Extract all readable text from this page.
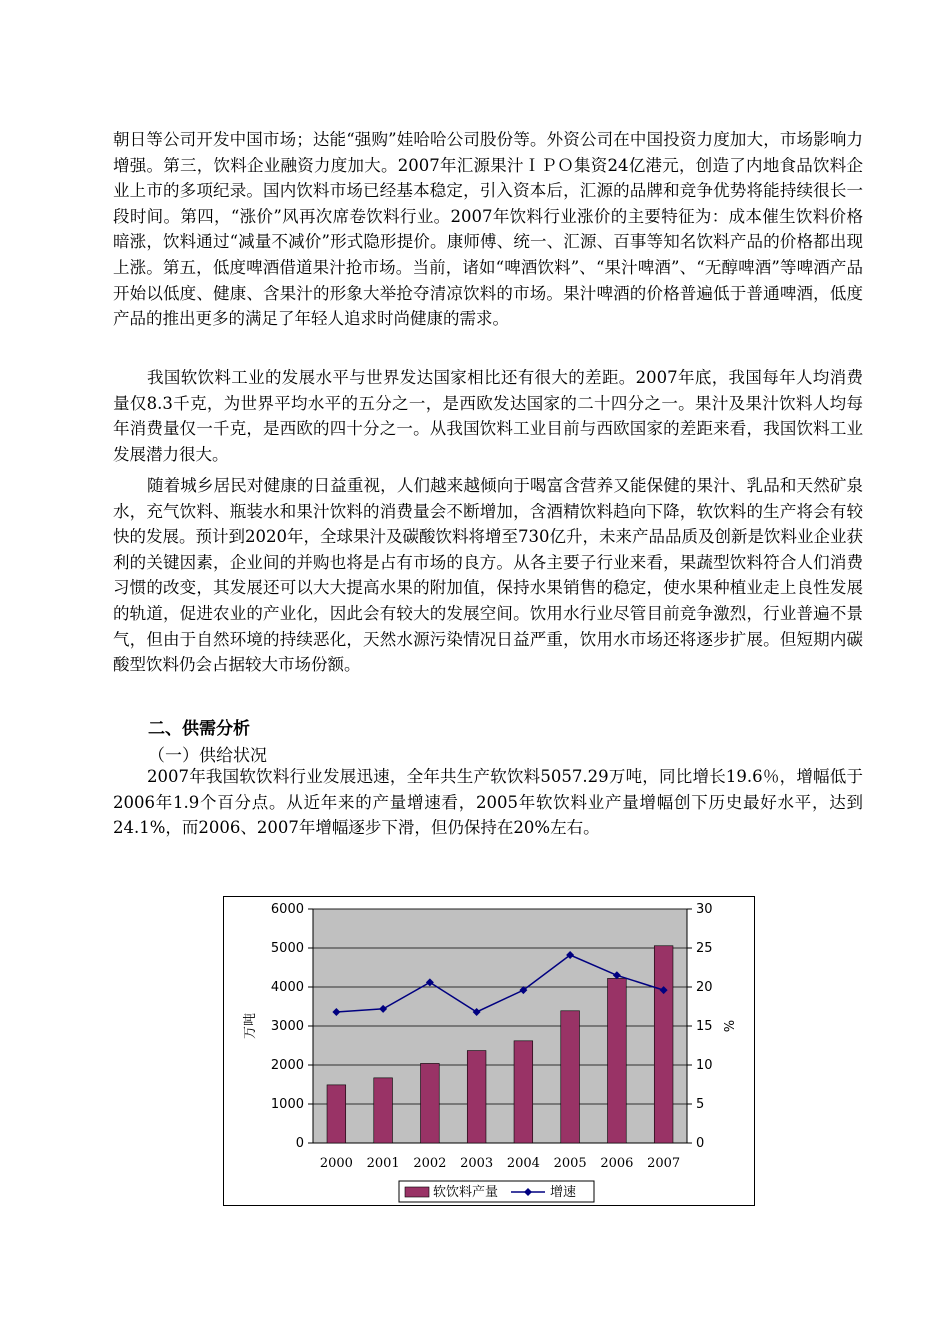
朝日等公司开发中国市场；达能“强购”娃哈哈公司股份等。外资公司在中国投资力度加大，市场影响力增强。第三，饮料企业融资力度加大。2007年汇源果汁ＩＰＯ集资24亿港元，创造了内地食品饮料企业上市的多项纪录。国内饮料市场已经基本稳定，引入资本后，汇源的品牌和竞争优势将能持续很长一段时间。第四，“涨价”风再次席卷饮料行业。2007年饮料行业涨价的主要特征为：成本催生饮料价格暗涨，饮料通过“减量不减价”形式隐形提价。康师傅、统一、汇源、百事等知名饮料产品的价格都出现上涨。第五，低度啤酒借道果汁抢市场。当前，诸如“啤酒饮料”、“果汁啤酒”、“无醇啤酒”等啤酒产品开始以低度、健康、含果汁的形象大举抢夺清凉饮料的市场。果汁啤酒的价格普遍低于普通啤酒，低度产品的推出更多的满足了年轻人追求时尚健康的需求。

我国软饮料工业的发展水平与世界发达国家相比还有很大的差距。2007年底，我国每年人均消费量仅8.3千克，为世界平均水平的五分之一，是西欧发达国家的二十四分之一。果汁及果汁饮料人均每年消费量仅一千克，是西欧的四十分之一。从我国饮料工业目前与西欧国家的差距来看，我国饮料工业发展潜力很大。

随着城乡居民对健康的日益重视，人们越来越倾向于喝富含营养又能保健的果汁、乳品和天然矿泉水，充气饮料、瓶装水和果汁饮料的消费量会不断增加，含酒精饮料趋向下降，软饮料的生产将会有较快的发展。预计到2020年，全球果汁及碳酸饮料将增至730亿升，未来产品品质及创新是饮料业企业获利的关键因素，企业间的并购也将是占有市场的良方。从各主要子行业来看，果蔬型饮料符合人们消费习惯的改变，其发展还可以大大提高水果的附加值，保持水果销售的稳定，使水果种植业走上良性发展的轨道，促进农业的产业化，因此会有较大的发展空间。饮用水行业尽管目前竞争激烈，行业普遍不景气，但由于自然环境的持续恶化，天然水源污染情况日益严重，饮用水市场还将逐步扩展。但短期内碳酸型饮料仍会占据较大市场份额。

二、供需分析

（一）供给状况

2007年我国软饮料行业发展迅速，全年共生产软饮料5057.29万吨，同比增长19.6％，增幅低于2006年1.9个百分点。从近年来的产量增速看，2005年软饮料业产量增幅创下历史最好水平，达到24.1%，而2006、2007年增幅逐步下滑，但仍保持在20%左右。

0
1000
2000
3000
4000
5000
6000
0
5
10
15
20
25
30
万吨	%
2000 2001 2002 2003 2004 2005 2006 2007
软饮料产量	增速
